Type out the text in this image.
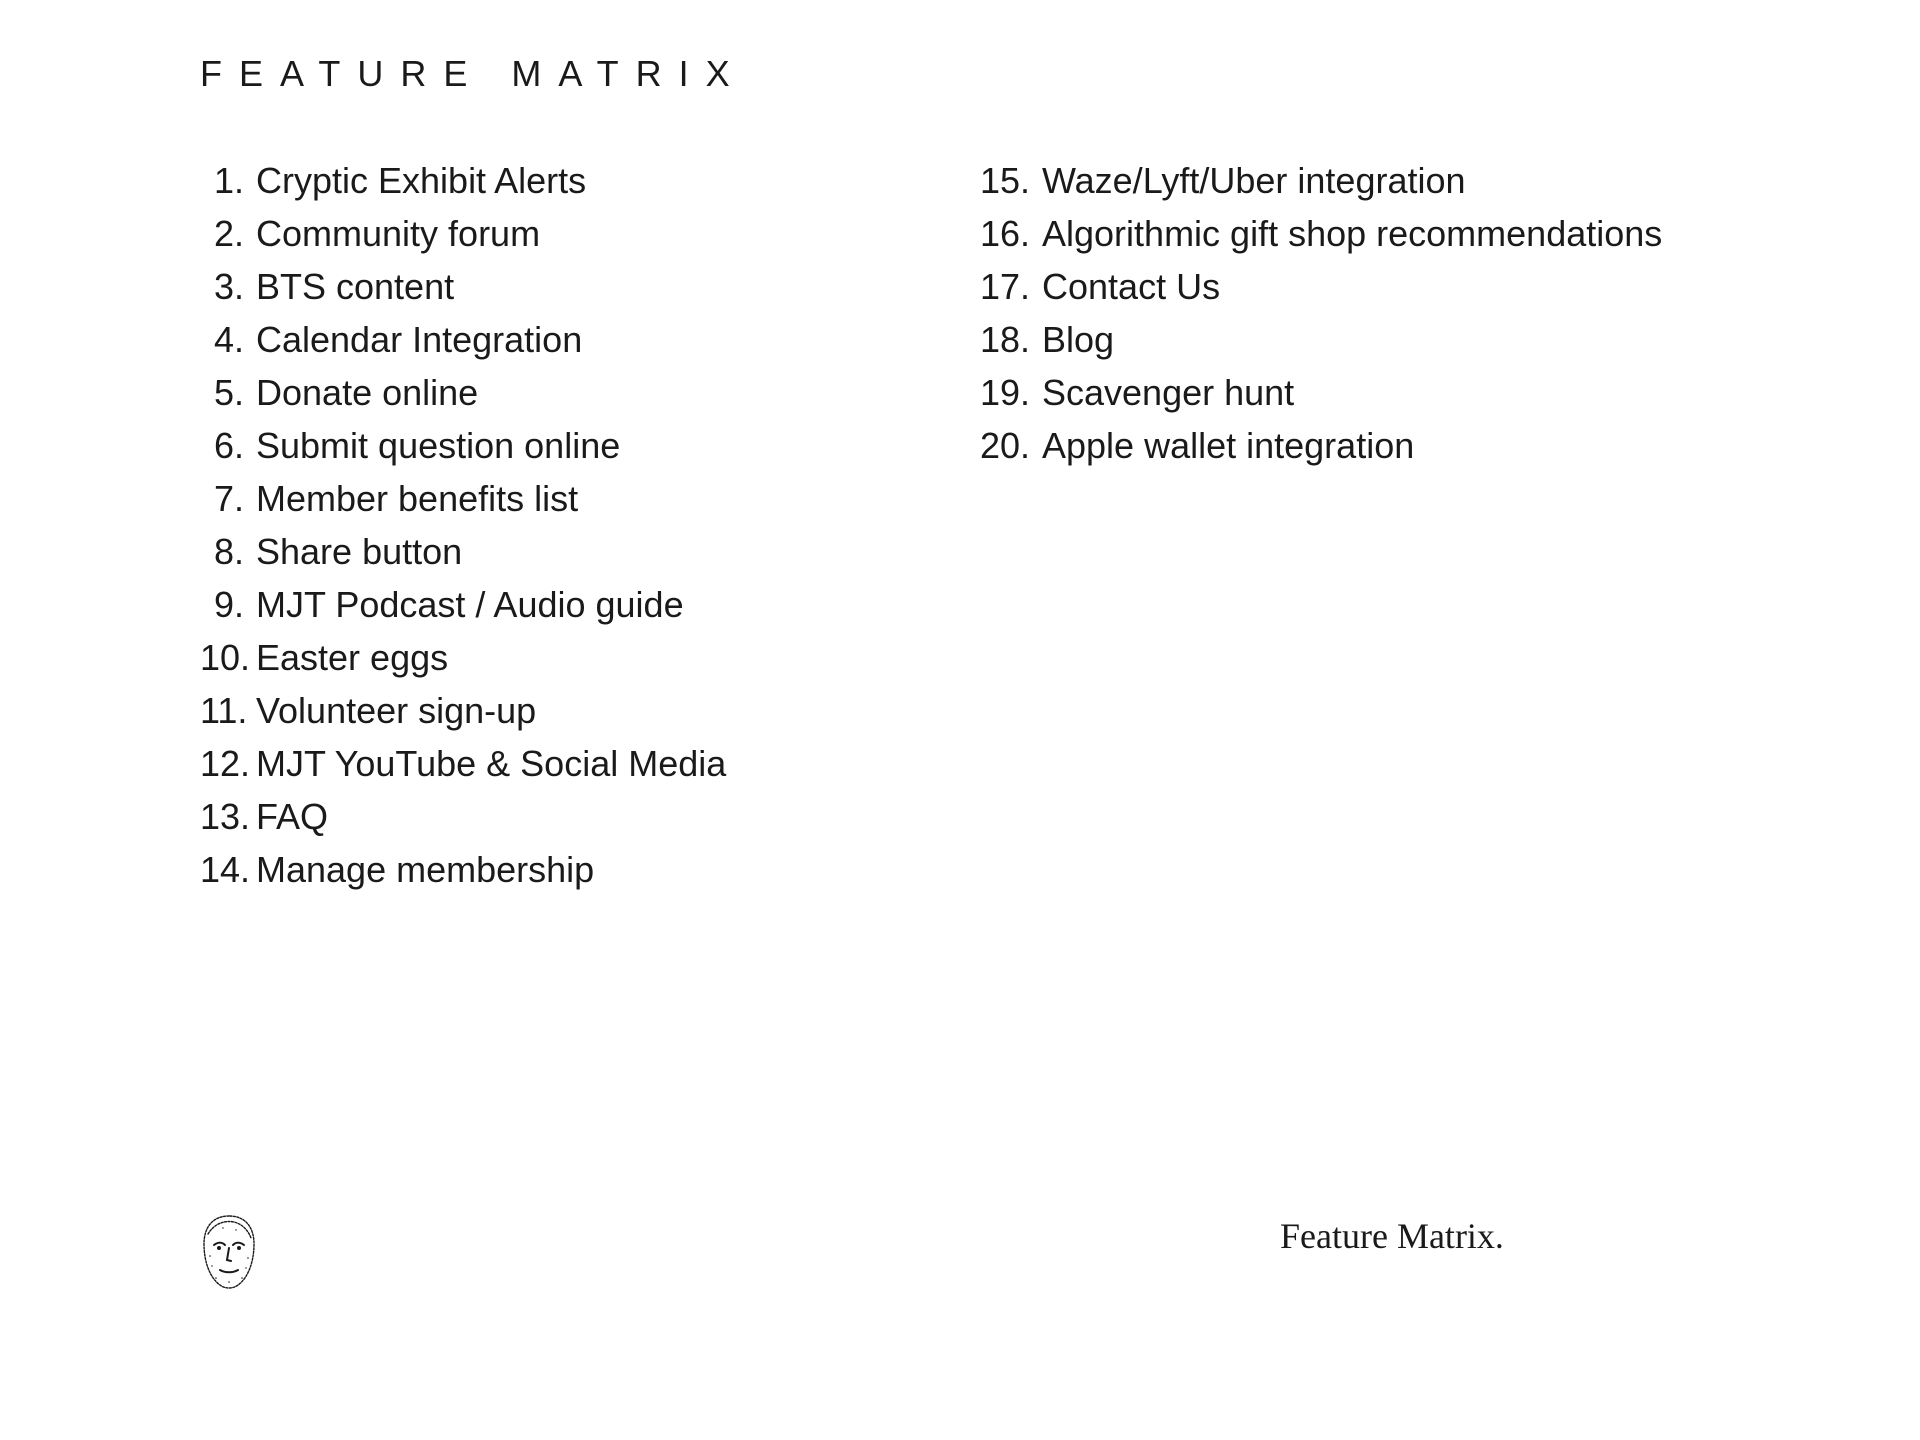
FEATURE MATRIX
1. Cryptic Exhibit Alerts
2. Community forum
3. BTS content
4. Calendar Integration
5. Donate online
6. Submit question online
7. Member benefits list
8. Share button
9. MJT Podcast / Audio guide
10. Easter eggs
11. Volunteer sign-up
12. MJT YouTube & Social Media
13. FAQ
14. Manage membership
15. Waze/Lyft/Uber integration
16. Algorithmic gift shop recommendations
17. Contact Us
18. Blog
19. Scavenger hunt
20. Apple wallet integration
Feature Matrix.
